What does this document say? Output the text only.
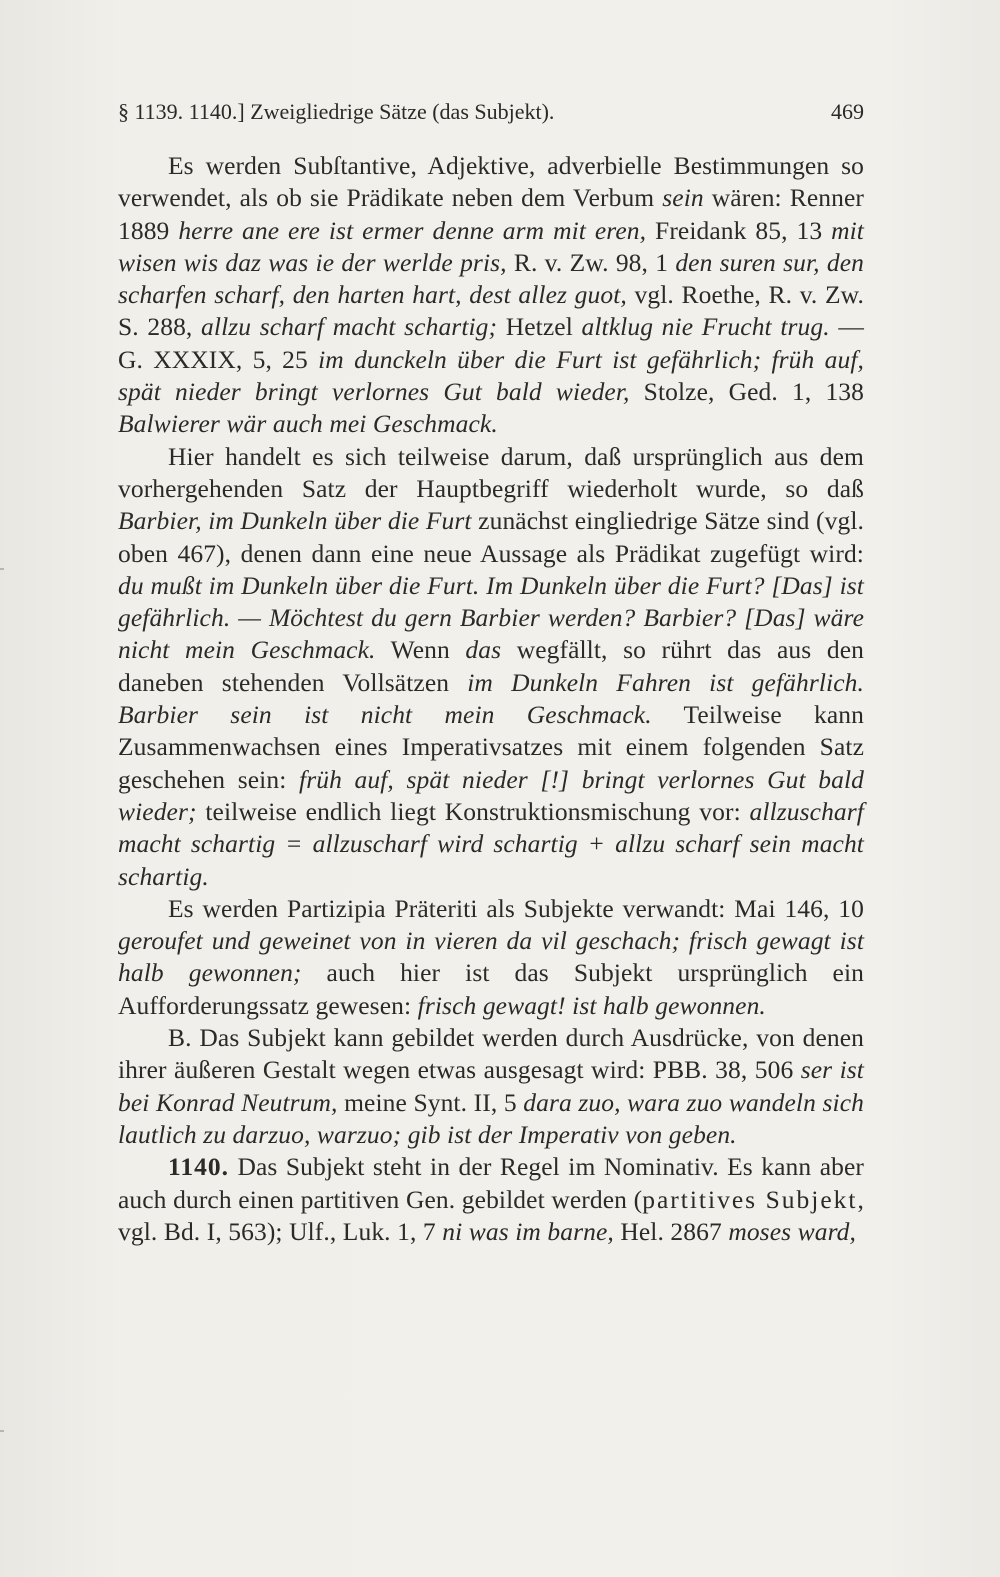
§ 1139. 1140.] Zweigliedrige Sätze (das Subjekt).	469

Es werden Subſtantive, Adjektive, adverbielle Bestimmungen so verwendet, als ob sie Prädikate neben dem Verbum sein wären: Renner 1889 herre ane ere ist ermer denne arm mit eren, Freidank 85, 13 mit wisen wis daz was ie der werlde pris, R. v. Zw. 98, 1 den suren sur, den scharfen scharf, den harten hart, dest allez guot, vgl. Roethe, R. v. Zw. S. 288, allzu scharf macht schartig; Hetzel altklug nie Frucht trug. — G. XXXIX, 5, 25 im dunckeln über die Furt ist gefährlich; früh auf, spät nieder bringt verlornes Gut bald wieder, Stolze, Ged. 1, 138 Balwierer wär auch mei Geschmack.

Hier handelt es sich teilweise darum, daß ursprünglich aus dem vorhergehenden Satz der Hauptbegriff wiederholt wurde, so daß Barbier, im Dunkeln über die Furt zunächst eingliedrige Sätze sind (vgl. oben 467), denen dann eine neue Aussage als Prädikat zugefügt wird: du mußt im Dunkeln über die Furt. Im Dunkeln über die Furt? [Das] ist gefährlich. — Möchtest du gern Barbier werden? Barbier? [Das] wäre nicht mein Geschmack. Wenn das wegfällt, so rührt das aus den daneben stehenden Vollsätzen im Dunkeln Fahren ist gefährlich. Barbier sein ist nicht mein Geschmack. Teilweise kann Zusammenwachsen eines Imperativsatzes mit einem folgenden Satz geschehen sein: früh auf, spät nieder [!] bringt verlornes Gut bald wieder; teilweise endlich liegt Konstruktionsmischung vor: allzuscharf macht schartig = allzuscharf wird schartig + allzu scharf sein macht schartig.

Es werden Partizipia Präteriti als Subjekte verwandt: Mai 146, 10 geroufet und geweinet von in vieren da vil geschach; frisch gewagt ist halb gewonnen; auch hier ist das Subjekt ursprünglich ein Aufforderungssatz gewesen: frisch gewagt! ist halb gewonnen.

B. Das Subjekt kann gebildet werden durch Ausdrücke, von denen ihrer äußeren Gestalt wegen etwas ausgesagt wird: PBB. 38, 506 ser ist bei Konrad Neutrum, meine Synt. II, 5 dara zuo, wara zuo wandeln sich lautlich zu darzuo, warzuo; gib ist der Imperativ von geben.

1140. Das Subjekt steht in der Regel im Nominativ. Es kann aber auch durch einen partitiven Gen. gebildet werden (partitives Subjekt, vgl. Bd. I, 563); Ulf., Luk. 1, 7 ni was im barne, Hel. 2867 moses ward,
